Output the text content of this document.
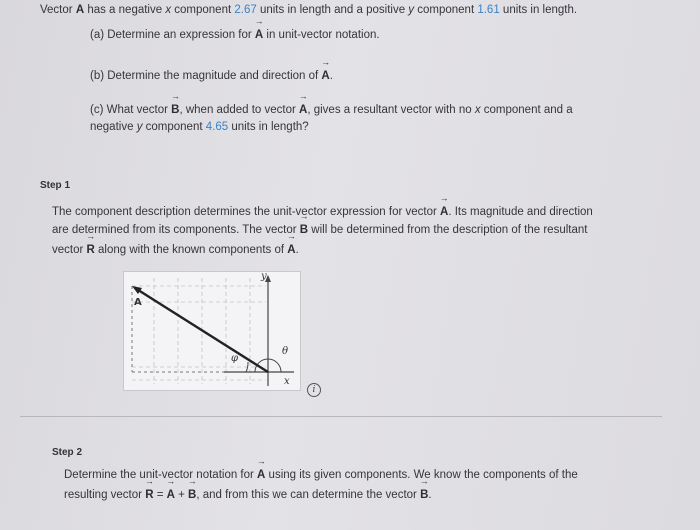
Vector → A has a negative x component 2.67 units in length and a positive y component 1.61 units in length.
(a) Determine an expression for → A in unit-vector notation.
(b) Determine the magnitude and direction of → A.
(c) What vector → B, when added to vector → A, gives a resultant vector with no x component and a
negative y component 4.65 units in length?
Step 1
The component description determines the unit-vector expression for vector → A. Its magnitude and direction
are determined from its components. The vector → B will be determined from the description of the resultant
vector → R along with the known components of → A.
y
x
A
φ
θ
i
Step 2
Determine the unit-vector notation for → A using its given components. We know the components of the
resulting vector → R = → A + → B, and from this we can determine the vector → B.
